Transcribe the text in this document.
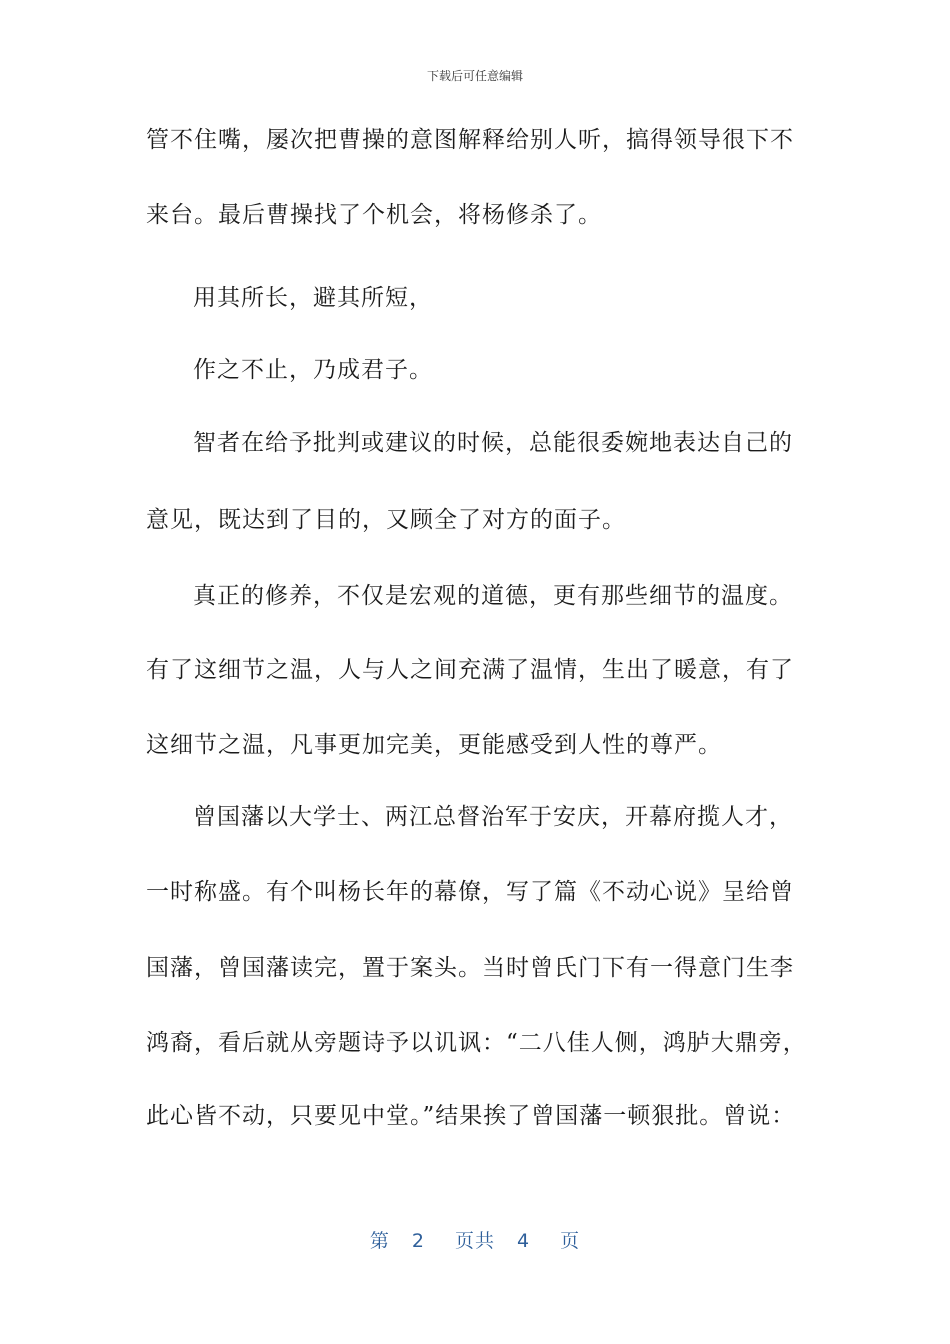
下载后可任意编辑
管不住嘴，屡次把曹操的意图解释给别人听，搞得领导很下不
来台。最后曹操找了个机会，将杨修杀了。
用其所长，避其所短，
作之不止，乃成君子。
智者在给予批判或建议的时候，总能很委婉地表达自己的
意见，既达到了目的，又顾全了对方的面子。
真正的修养，不仅是宏观的道德，更有那些细节的温度。
有了这细节之温，人与人之间充满了温情，生出了暖意，有了
这细节之温，凡事更加完美，更能感受到人性的尊严。
曾国藩以大学士、两江总督治军于安庆，开幕府揽人才，
一时称盛。有个叫杨长年的幕僚，写了篇《不动心说》呈给曾
国藩，曾国藩读完，置于案头。当时曾氏门下有一得意门生李
鸿裔，看后就从旁题诗予以讥讽：“二八佳人侧，鸿胪大鼎旁，
此心皆不动，只要见中堂。”结果挨了曾国藩一顿狠批。曾说：
第 2 页共 4 页
